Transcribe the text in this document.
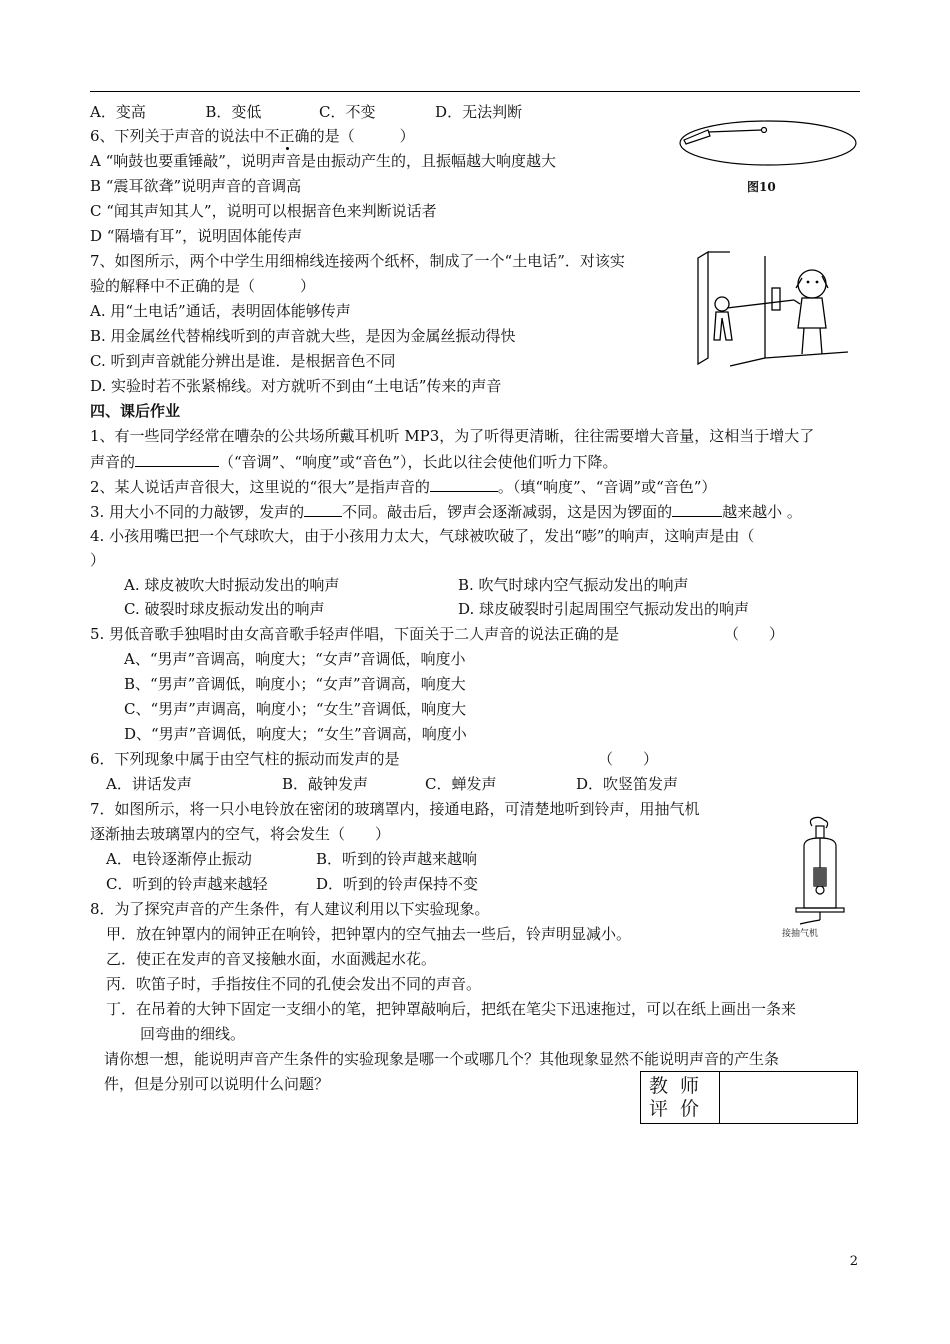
A．变高	B．变低	C．不变	D．无法判断
6、下列关于声音的说法中不正确的是（　　　）
A “响鼓也要重锤敲”，说明声音是由振动产生的，且振幅越大响度越大
B “震耳欲聋”说明声音的音调高
C “闻其声知其人”，说明可以根据音色来判断说话者
D “隔墙有耳”，说明固体能传声
图10
7、如图所示，两个中学生用细棉线连接两个纸杯，制成了一个“土电话”．对该实
验的解释中不正确的是（　　　）
A. 用“土电话”通话，表明固体能够传声
B. 用金属丝代替棉线听到的声音就大些，是因为金属丝振动得快
C. 听到声音就能分辨出是谁．是根据音色不同
D. 实验时若不张紧棉线。对方就听不到由“土电话”传来的声音
四、课后作业
1、有一些同学经常在嘈杂的公共场所戴耳机听 MP3，为了听得更清晰，往往需要增大音量，这相当于增大了
声音的	（“音调”、“响度”或“音色”），长此以往会使他们听力下降。
2、某人说话声音很大，这里说的“很大”是指声音的	。（填“响度”、“音调”或“音色”）
3. 用大小不同的力敲锣，发声的	不同。敲击后，锣声会逐渐减弱，这是因为锣面的	越来越小 。
4. 小孩用嘴巴把一个气球吹大，由于小孩用力太大，气球被吹破了，发出“嘭”的响声，这响声是由（
）
A. 球皮被吹大时振动发出的响声	B. 吹气时球内空气振动发出的响声
C. 破裂时球皮振动发出的响声	D. 球皮破裂时引起周围空气振动发出的响声
5. 男低音歌手独唱时由女高音歌手轻声伴唱，下面关于二人声音的说法正确的是	（　　）
A、“男声”音调高，响度大；“女声”音调低，响度小
B、“男声”音调低，响度小；“女声”音调高，响度大
C、“男声”声调高，响度小；“女生”音调低，响度大
D、“男声”音调低，响度大；“女生”音调高，响度小
6．下列现象中属于由空气柱的振动而发声的是	（　　）
A．讲话发声	B．敲钟发声	C．蝉发声	D．吹竖笛发声
7．如图所示，将一只小电铃放在密闭的玻璃罩内，接通电路，可清楚地听到铃声，用抽气机
逐渐抽去玻璃罩内的空气，将会发生（　　）
A．电铃逐渐停止振动	B．听到的铃声越来越响
C．听到的铃声越来越轻	D．听到的铃声保持不变
接抽气机
8．为了探究声音的产生条件，有人建议利用以下实验现象。
甲．放在钟罩内的闹钟正在响铃，把钟罩内的空气抽去一些后，铃声明显减小。
乙．使正在发声的音叉接触水面，水面溅起水花。
丙．吹笛子时，手指按住不同的孔使会发出不同的声音。
丁．在吊着的大钟下固定一支细小的笔，把钟罩敲响后，把纸在笔尖下迅速拖过，可以在纸上画出一条来
回弯曲的细线。
请你想一想，能说明声音产生条件的实验现象是哪一个或哪几个？其他现象显然不能说明声音的产生条
件，但是分别可以说明什么问题？	教师
评价
2
